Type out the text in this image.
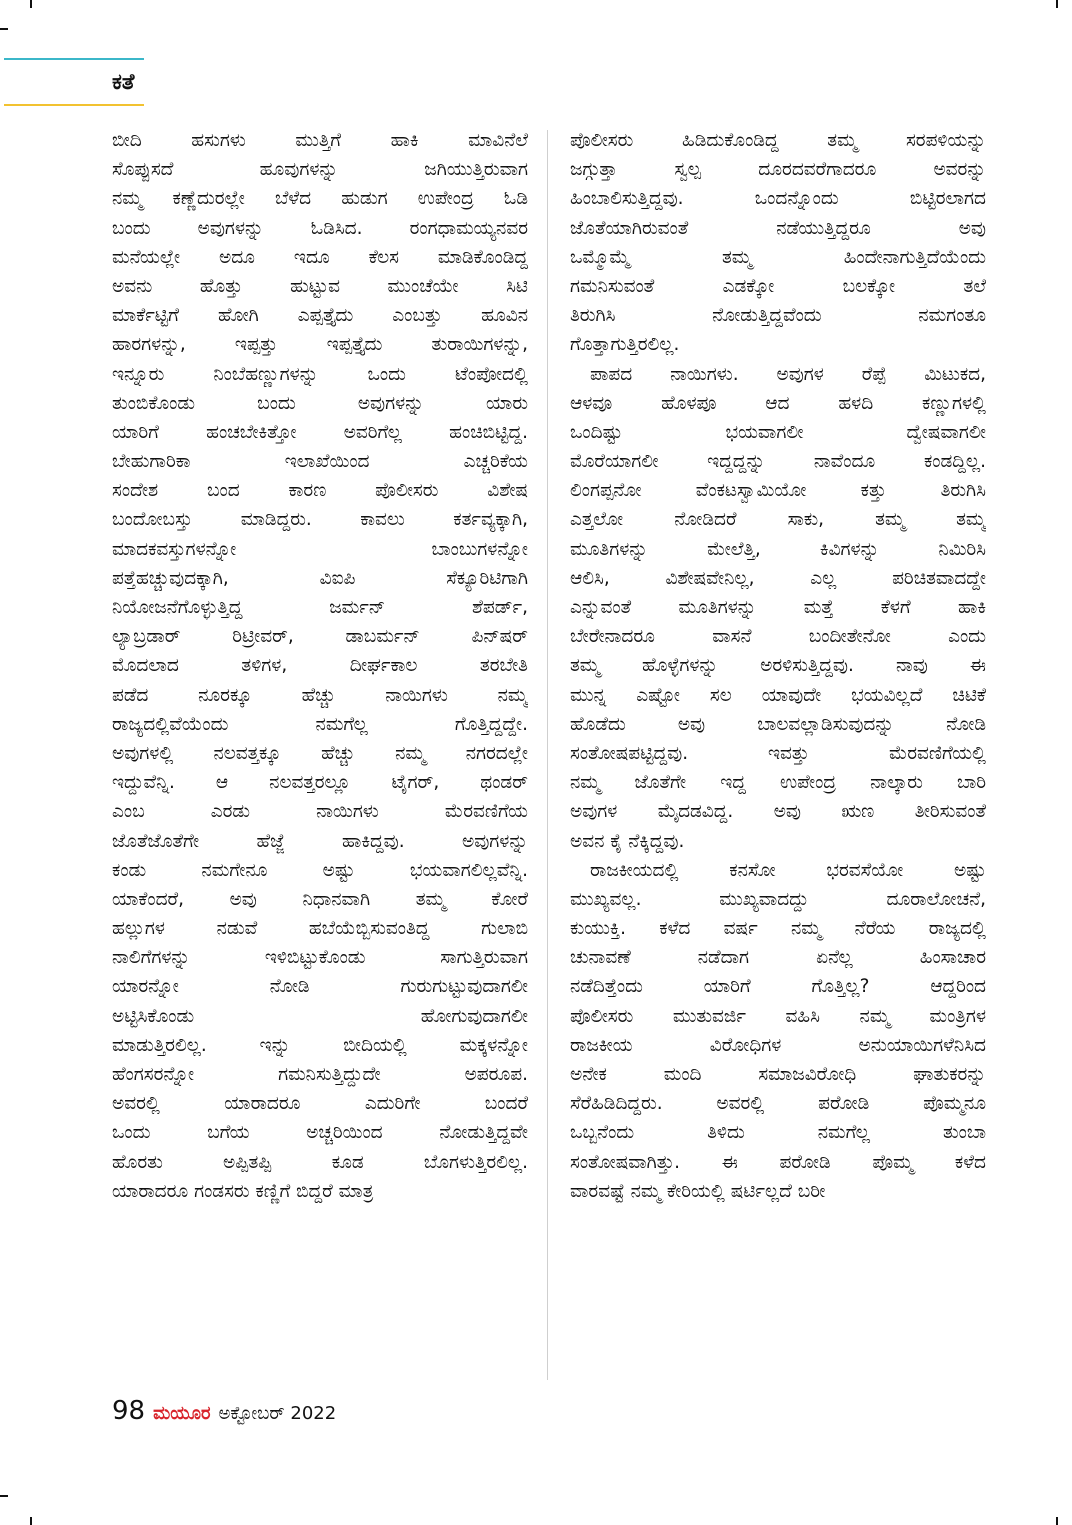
ಕತೆ
ಬೀದಿ ಹಸುಗಳು ಮುತ್ತಿಗೆ ಹಾಕಿ ಮಾವಿನೆಲೆ
ಸೊಪ್ಪುಸದೆ ಹೂವುಗಳನ್ನು ಜಗಿಯುತ್ತಿರುವಾಗ
ನಮ್ಮ ಕಣ್ಣೆದುರಲ್ಲೇ ಬೆಳೆದ ಹುಡುಗ ಉಪೇಂದ್ರ ಓಡಿ
ಬಂದು ಅವುಗಳನ್ನು ಓಡಿಸಿದ. ರಂಗಧಾಮಯ್ಯನವರ
ಮನೆಯಲ್ಲೇ ಅದೂ ಇದೂ ಕೆಲಸ ಮಾಡಿಕೊಂಡಿದ್ದ
ಅವನು ಹೊತ್ತು ಹುಟ್ಟುವ ಮುಂಚೆಯೇ ಸಿಟಿ
ಮಾರ್ಕೆಟ್ಟಿಗೆ ಹೋಗಿ ಎಪ್ಪತ್ತೈದು ಎಂಬತ್ತು ಹೂವಿನ
ಹಾರಗಳನ್ನು, ಇಪ್ಪತ್ತು ಇಪ್ಪತ್ತೈದು ತುರಾಯಿಗಳನ್ನು,
ಇನ್ನೂರು ನಿಂಬೆಹಣ್ಣುಗಳನ್ನು ಒಂದು ಟೆಂಪೋದಲ್ಲಿ
ತುಂಬಿಕೊಂಡು ಬಂದು ಅವುಗಳನ್ನು ಯಾರು
ಯಾರಿಗೆ ಹಂಚಬೇಕಿತ್ತೋ ಅವರಿಗೆಲ್ಲ ಹಂಚಿಬಿಟ್ಟಿದ್ದ.
ಬೇಹುಗಾರಿಕಾ ಇಲಾಖೆಯಿಂದ ಎಚ್ಚರಿಕೆಯ
ಸಂದೇಶ ಬಂದ ಕಾರಣ ಪೊಲೀಸರು ವಿಶೇಷ
ಬಂದೋಬಸ್ತು ಮಾಡಿದ್ದರು. ಕಾವಲು ಕರ್ತವ್ಯಕ್ಕಾಗಿ,
ಮಾದಕವಸ್ತುಗಳನ್ನೋ ಬಾಂಬುಗಳನ್ನೋ
ಪತ್ತೆಹಚ್ಚುವುದಕ್ಕಾಗಿ, ವಿಐಪಿ ಸೆಕ್ಯೂರಿಟಿಗಾಗಿ
ನಿಯೋಜನೆಗೊಳ್ಳುತ್ತಿದ್ದ ಜರ್ಮನ್ ಶೆಪರ್ಡ್,
ಲ್ಯಾಬ್ರಡಾರ್ ರಿಟ್ರೀವರ್, ಡಾಬರ್ಮನ್ ಪಿನ್‌ಷರ್
ಮೊದಲಾದ ತಳಿಗಳ, ದೀರ್ಘಕಾಲ ತರಬೇತಿ
ಪಡೆದ ನೂರಕ್ಕೂ ಹೆಚ್ಚು ನಾಯಿಗಳು ನಮ್ಮ
ರಾಜ್ಯದಲ್ಲಿವೆಯೆಂದು ನಮಗೆಲ್ಲ ಗೊತ್ತಿದ್ದದ್ದೇ.
ಅವುಗಳಲ್ಲಿ ನಲವತ್ತಕ್ಕೂ ಹೆಚ್ಚು ನಮ್ಮ ನಗರದಲ್ಲೇ
ಇದ್ದುವೆನ್ನಿ. ಆ ನಲವತ್ತರಲ್ಲೂ ಟೈಗರ್, ಥಂಡರ್
ಎಂಬ ಎರಡು ನಾಯಿಗಳು ಮೆರವಣಿಗೆಯ
ಜೊತೆಜೊತೆಗೇ ಹೆಜ್ಜೆ ಹಾಕಿದ್ದವು. ಅವುಗಳನ್ನು
ಕಂಡು ನಮಗೇನೂ ಅಷ್ಟು ಭಯವಾಗಲಿಲ್ಲವೆನ್ನಿ.
ಯಾಕೆಂದರೆ, ಅವು ನಿಧಾನವಾಗಿ ತಮ್ಮ ಕೋರೆ
ಹಲ್ಲುಗಳ ನಡುವೆ ಹಬೆಯೆಬ್ಬಿಸುವಂತಿದ್ದ ಗುಲಾಬಿ
ನಾಲಿಗೆಗಳನ್ನು ಇಳಿಬಿಟ್ಟುಕೊಂಡು ಸಾಗುತ್ತಿರುವಾಗ
ಯಾರನ್ನೋ ನೋಡಿ ಗುರುಗುಟ್ಟುವುದಾಗಲೀ
ಅಟ್ಟಿಸಿಕೊಂಡು ಹೋಗುವುದಾಗಲೀ
ಮಾಡುತ್ತಿರಲಿಲ್ಲ. ಇನ್ನು ಬೀದಿಯಲ್ಲಿ ಮಕ್ಕಳನ್ನೋ
ಹೆಂಗಸರನ್ನೋ ಗಮನಿಸುತ್ತಿದ್ದುದೇ ಅಪರೂಪ.
ಅವರಲ್ಲಿ ಯಾರಾದರೂ ಎದುರಿಗೇ ಬಂದರೆ
ಒಂದು ಬಗೆಯ ಅಚ್ಚರಿಯಿಂದ ನೋಡುತ್ತಿದ್ದವೇ
ಹೊರತು ಅಪ್ಪಿತಪ್ಪಿ ಕೂಡ ಬೊಗಳುತ್ತಿರಲಿಲ್ಲ.
ಯಾರಾದರೂ ಗಂಡಸರು ಕಣ್ಣಿಗೆ ಬಿದ್ದರೆ ಮಾತ್ರ
ಪೊಲೀಸರು ಹಿಡಿದುಕೊಂಡಿದ್ದ ತಮ್ಮ ಸರಪಳಿಯನ್ನು
ಜಗ್ಗುತ್ತಾ ಸ್ವಲ್ಪ ದೂರದವರೆಗಾದರೂ ಅವರನ್ನು
ಹಿಂಬಾಲಿಸುತ್ತಿದ್ದವು. ಒಂದನ್ನೊಂದು ಬಿಟ್ಟಿರಲಾಗದ
ಜೊತೆಯಾಗಿರುವಂತೆ ನಡೆಯುತ್ತಿದ್ದರೂ ಅವು
ಒಮ್ಮೊಮ್ಮೆ ತಮ್ಮ ಹಿಂದೇನಾಗುತ್ತಿದೆಯೆಂದು
ಗಮನಿಸುವಂತೆ ಎಡಕ್ಕೋ ಬಲಕ್ಕೋ ತಲೆ
ತಿರುಗಿಸಿ ನೋಡುತ್ತಿದ್ದವೆಂದು ನಮಗಂತೂ
ಗೊತ್ತಾಗುತ್ತಿರಲಿಲ್ಲ.
ಪಾಪದ ನಾಯಿಗಳು. ಅವುಗಳ ರೆಪ್ಪೆ ಮಿಟುಕದ,
ಆಳವೂ ಹೊಳಪೂ ಆದ ಹಳದಿ ಕಣ್ಣುಗಳಲ್ಲಿ
ಒಂದಿಷ್ಟು ಭಯವಾಗಲೀ ದ್ವೇಷವಾಗಲೀ
ಮೊರೆಯಾಗಲೀ ಇದ್ದದ್ದನ್ನು ನಾವೆಂದೂ ಕಂಡದ್ದಿಲ್ಲ.
ಲಿಂಗಪ್ಪನೋ ವೆಂಕಟಸ್ವಾಮಿಯೋ ಕತ್ತು ತಿರುಗಿಸಿ
ಎತ್ತಲೋ ನೋಡಿದರೆ ಸಾಕು, ತಮ್ಮ ತಮ್ಮ
ಮೂತಿಗಳನ್ನು ಮೇಲೆತ್ತಿ, ಕಿವಿಗಳನ್ನು ನಿಮಿರಿಸಿ
ಆಲಿಸಿ, ವಿಶೇಷವೇನಿಲ್ಲ, ಎಲ್ಲ ಪರಿಚಿತವಾದದ್ದೇ
ಎನ್ನುವಂತೆ ಮೂತಿಗಳನ್ನು ಮತ್ತೆ ಕೆಳಗೆ ಹಾಕಿ
ಬೇರೇನಾದರೂ ವಾಸನೆ ಬಂದೀತೇನೋ ಎಂದು
ತಮ್ಮ ಹೊಳ್ಳೆಗಳನ್ನು ಅರಳಿಸುತ್ತಿದ್ದವು. ನಾವು ಈ
ಮುನ್ನ ಎಷ್ಟೋ ಸಲ ಯಾವುದೇ ಭಯವಿಲ್ಲದೆ ಚಿಟಿಕೆ
ಹೊಡೆದು ಅವು ಬಾಲವಲ್ಲಾಡಿಸುವುದನ್ನು ನೋಡಿ
ಸಂತೋಷಪಟ್ಟಿದ್ದವು. ಇವತ್ತು ಮೆರವಣಿಗೆಯಲ್ಲಿ
ನಮ್ಮ ಜೊತೆಗೇ ಇದ್ದ ಉಪೇಂದ್ರ ನಾಲ್ಕಾರು ಬಾರಿ
ಅವುಗಳ ಮೈದಡವಿದ್ದ. ಅವು ಋಣ ತೀರಿಸುವಂತೆ
ಅವನ ಕೈ ನೆಕ್ಕಿದ್ದವು.
ರಾಜಕೀಯದಲ್ಲಿ ಕನಸೋ ಭರವಸೆಯೋ ಅಷ್ಟು
ಮುಖ್ಯವಲ್ಲ. ಮುಖ್ಯವಾದದ್ದು ದೂರಾಲೋಚನೆ,
ಕುಯುಕ್ತಿ. ಕಳೆದ ವರ್ಷ ನಮ್ಮ ನೆರೆಯ ರಾಜ್ಯದಲ್ಲಿ
ಚುನಾವಣೆ ನಡೆದಾಗ ಏನೆಲ್ಲ ಹಿಂಸಾಚಾರ
ನಡೆದಿತ್ತೆಂದು ಯಾರಿಗೆ ಗೊತ್ತಿಲ್ಲ? ಆದ್ದರಿಂದ
ಪೊಲೀಸರು ಮುತುವರ್ಜಿ ವಹಿಸಿ ನಮ್ಮ ಮಂತ್ರಿಗಳ
ರಾಜಕೀಯ ವಿರೋಧಿಗಳ ಅನುಯಾಯಿಗಳೆನಿಸಿದ
ಅನೇಕ ಮಂದಿ ಸಮಾಜವಿರೋಧಿ ಘಾತುಕರನ್ನು
ಸೆರೆಹಿಡಿದಿದ್ದರು. ಅವರಲ್ಲಿ ಪರೋಡಿ ಪೊಮ್ಮನೂ
ಒಬ್ಬನೆಂದು ತಿಳಿದು ನಮಗೆಲ್ಲ ತುಂಬಾ
ಸಂತೋಷವಾಗಿತ್ತು. ಈ ಪರೋಡಿ ಪೊಮ್ಮ ಕಳೆದ
ವಾರವಷ್ಟೆ ನಮ್ಮ ಕೇರಿಯಲ್ಲಿ ಷರ್ಟಿಲ್ಲದೆ ಬರೀ
98 ಮಯೂರ ಅಕ್ಟೋಬರ್ 2022
